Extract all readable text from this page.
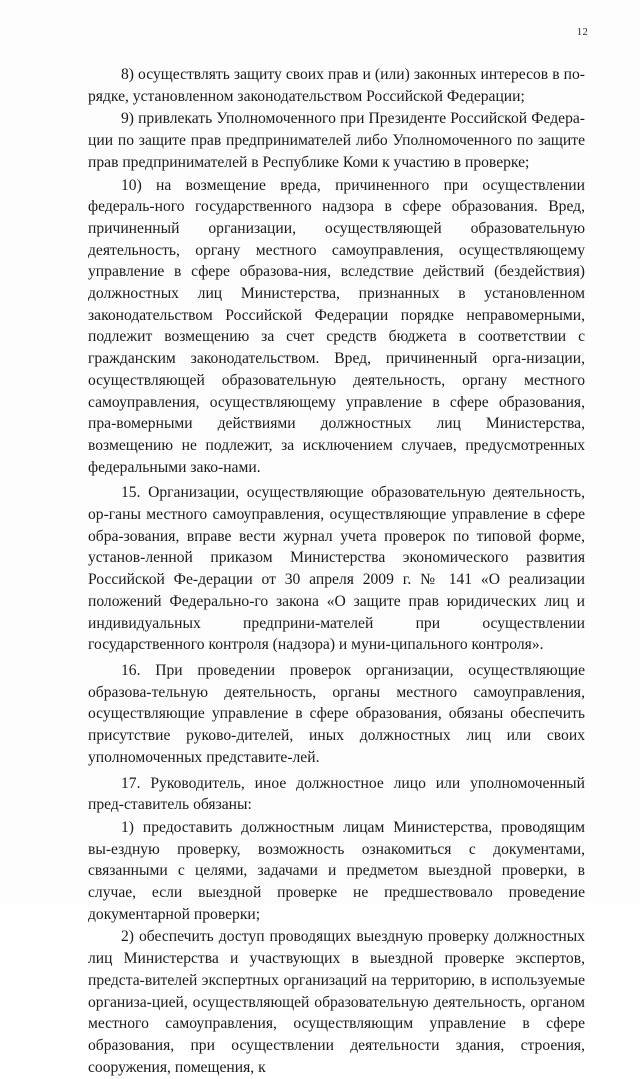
12

8) осуществлять защиту своих прав и (или) законных интересов в по-рядке, установленном законодательством Российской Федерации;

9) привлекать Уполномоченного при Президенте Российской Федера-ции по защите прав предпринимателей либо Уполномоченного по защите прав предпринимателей в Республике Коми к участию в проверке;

10) на возмещение вреда, причиненного при осуществлении федераль-ного государственного надзора в сфере образования. Вред, причиненный организации, осуществляющей образовательную деятельность, органу местного самоуправления, осуществляющему управление в сфере образова-ния, вследствие действий (бездействия) должностных лиц Министерства, признанных в установленном законодательством Российской Федерации порядке неправомерными, подлежит возмещению за счет средств бюджета в соответствии с гражданским законодательством. Вред, причиненный орга-низации, осуществляющей образовательную деятельность, органу местного самоуправления, осуществляющему управление в сфере образования, пра-вомерными действиями должностных лиц Министерства, возмещению не подлежит, за исключением случаев, предусмотренных федеральными зако-нами.

15. Организации, осуществляющие образовательную деятельность, ор-ганы местного самоуправления, осуществляющие управление в сфере обра-зования, вправе вести журнал учета проверок по типовой форме, установ-ленной приказом Министерства экономического развития Российской Фе-дерации от 30 апреля 2009 г. № 141 «О реализации положений Федерально-го закона «О защите прав юридических лиц и индивидуальных предприни-мателей при осуществлении государственного контроля (надзора) и муни-ципального контроля».

16. При проведении проверок организации, осуществляющие образова-тельную деятельность, органы местного самоуправления, осуществляющие управление в сфере образования, обязаны обеспечить присутствие руково-дителей, иных должностных лиц или своих уполномоченных представите-лей.

17. Руководитель, иное должностное лицо или уполномоченный пред-ставитель обязаны:

1) предоставить должностным лицам Министерства, проводящим вы-ездную проверку, возможность ознакомиться с документами, связанными с целями, задачами и предметом выездной проверки, в случае, если выездной проверке не предшествовало проведение документарной проверки;

2) обеспечить доступ проводящих выездную проверку должностных лиц Министерства и участвующих в выездной проверке экспертов, предста-вителей экспертных организаций на территорию, в используемые организа-цией, осуществляющей образовательную деятельность, органом местного самоуправления, осуществляющим управление в сфере образования, при осуществлении деятельности здания, строения, сооружения, помещения, к
